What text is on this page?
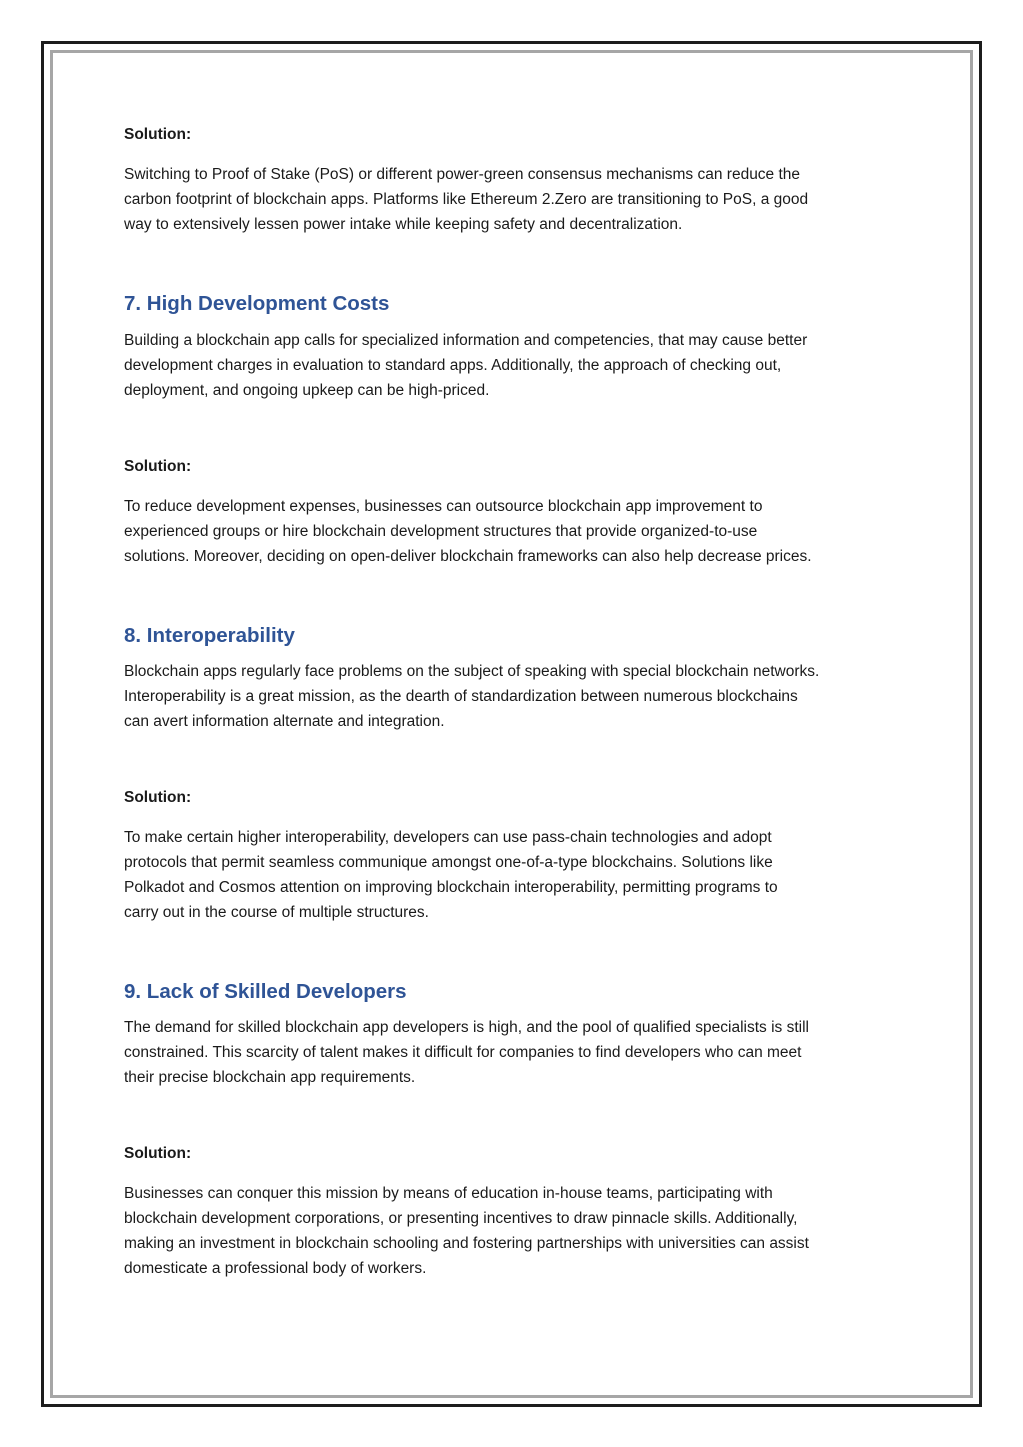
Solution:

Switching to Proof of Stake (PoS) or different power-green consensus mechanisms can reduce the
carbon footprint of blockchain apps. Platforms like Ethereum 2.Zero are transitioning to PoS, a good
way to extensively lessen power intake while keeping safety and decentralization.
7. High Development Costs
Building a blockchain app calls for specialized information and competencies, that may cause better
development charges in evaluation to standard apps. Additionally, the approach of checking out,
deployment, and ongoing upkeep can be high-priced.

Solution:

To reduce development expenses, businesses can outsource blockchain app improvement to
experienced groups or hire blockchain development structures that provide organized-to-use
solutions. Moreover, deciding on open-deliver blockchain frameworks can also help decrease prices.
8. Interoperability
Blockchain apps regularly face problems on the subject of speaking with special blockchain networks.
Interoperability is a great mission, as the dearth of standardization between numerous blockchains
can avert information alternate and integration.

Solution:

To make certain higher interoperability, developers can use pass-chain technologies and adopt
protocols that permit seamless communique amongst one-of-a-type blockchains. Solutions like
Polkadot and Cosmos attention on improving blockchain interoperability, permitting programs to
carry out in the course of multiple structures.
9. Lack of Skilled Developers
The demand for skilled blockchain app developers is high, and the pool of qualified specialists is still
constrained. This scarcity of talent makes it difficult for companies to find developers who can meet
their precise blockchain app requirements.

Solution:

Businesses can conquer this mission by means of education in-house teams, participating with
blockchain development corporations, or presenting incentives to draw pinnacle skills. Additionally,
making an investment in blockchain schooling and fostering partnerships with universities can assist
domesticate a professional body of workers.
